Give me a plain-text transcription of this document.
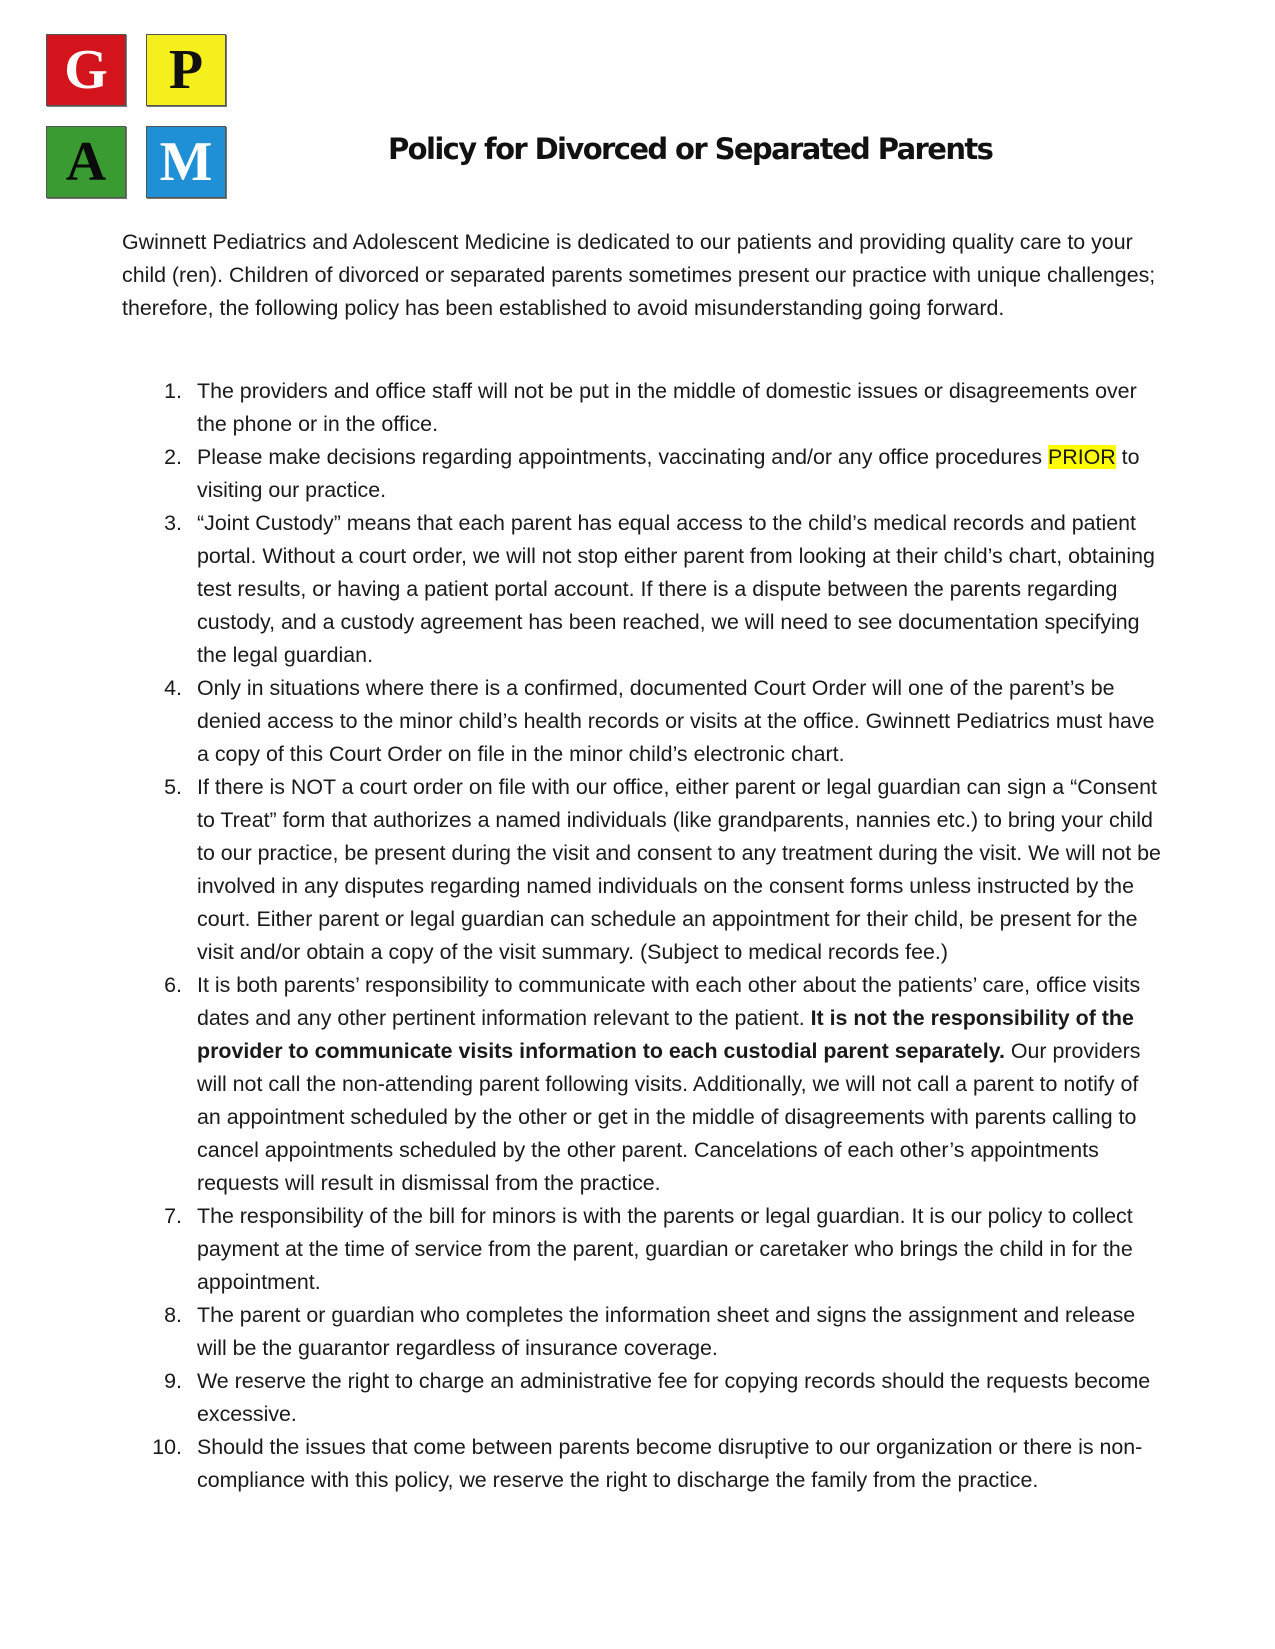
G P
A M	Policy for Divorced or Separated Parents

Gwinnett Pediatrics and Adolescent Medicine is dedicated to our patients and providing quality care to your child (ren). Children of divorced or separated parents sometimes present our practice with unique challenges; therefore, the following policy has been established to avoid misunderstanding going forward.

1. The providers and office staff will not be put in the middle of domestic issues or disagreements over the phone or in the office.
2. Please make decisions regarding appointments, vaccinating and/or any office procedures PRIOR to visiting our practice.
3. “Joint Custody” means that each parent has equal access to the child’s medical records and patient portal. Without a court order, we will not stop either parent from looking at their child’s chart, obtaining test results, or having a patient portal account. If there is a dispute between the parents regarding custody, and a custody agreement has been reached, we will need to see documentation specifying the legal guardian.
4. Only in situations where there is a confirmed, documented Court Order will one of the parent’s be denied access to the minor child’s health records or visits at the office. Gwinnett Pediatrics must have a copy of this Court Order on file in the minor child’s electronic chart.
5. If there is NOT a court order on file with our office, either parent or legal guardian can sign a “Consent to Treat” form that authorizes a named individuals (like grandparents, nannies etc.) to bring your child to our practice, be present during the visit and consent to any treatment during the visit. We will not be involved in any disputes regarding named individuals on the consent forms unless instructed by the court. Either parent or legal guardian can schedule an appointment for their child, be present for the visit and/or obtain a copy of the visit summary. (Subject to medical records fee.)
6. It is both parents’ responsibility to communicate with each other about the patients’ care, office visits dates and any other pertinent information relevant to the patient. It is not the responsibility of the provider to communicate visits information to each custodial parent separately. Our providers will not call the non-attending parent following visits. Additionally, we will not call a parent to notify of an appointment scheduled by the other or get in the middle of disagreements with parents calling to cancel appointments scheduled by the other parent. Cancelations of each other’s appointments requests will result in dismissal from the practice.
7. The responsibility of the bill for minors is with the parents or legal guardian. It is our policy to collect payment at the time of service from the parent, guardian or caretaker who brings the child in for the appointment.
8. The parent or guardian who completes the information sheet and signs the assignment and release will be the guarantor regardless of insurance coverage.
9. We reserve the right to charge an administrative fee for copying records should the requests become excessive.
10. Should the issues that come between parents become disruptive to our organization or there is non-compliance with this policy, we reserve the right to discharge the family from the practice.
